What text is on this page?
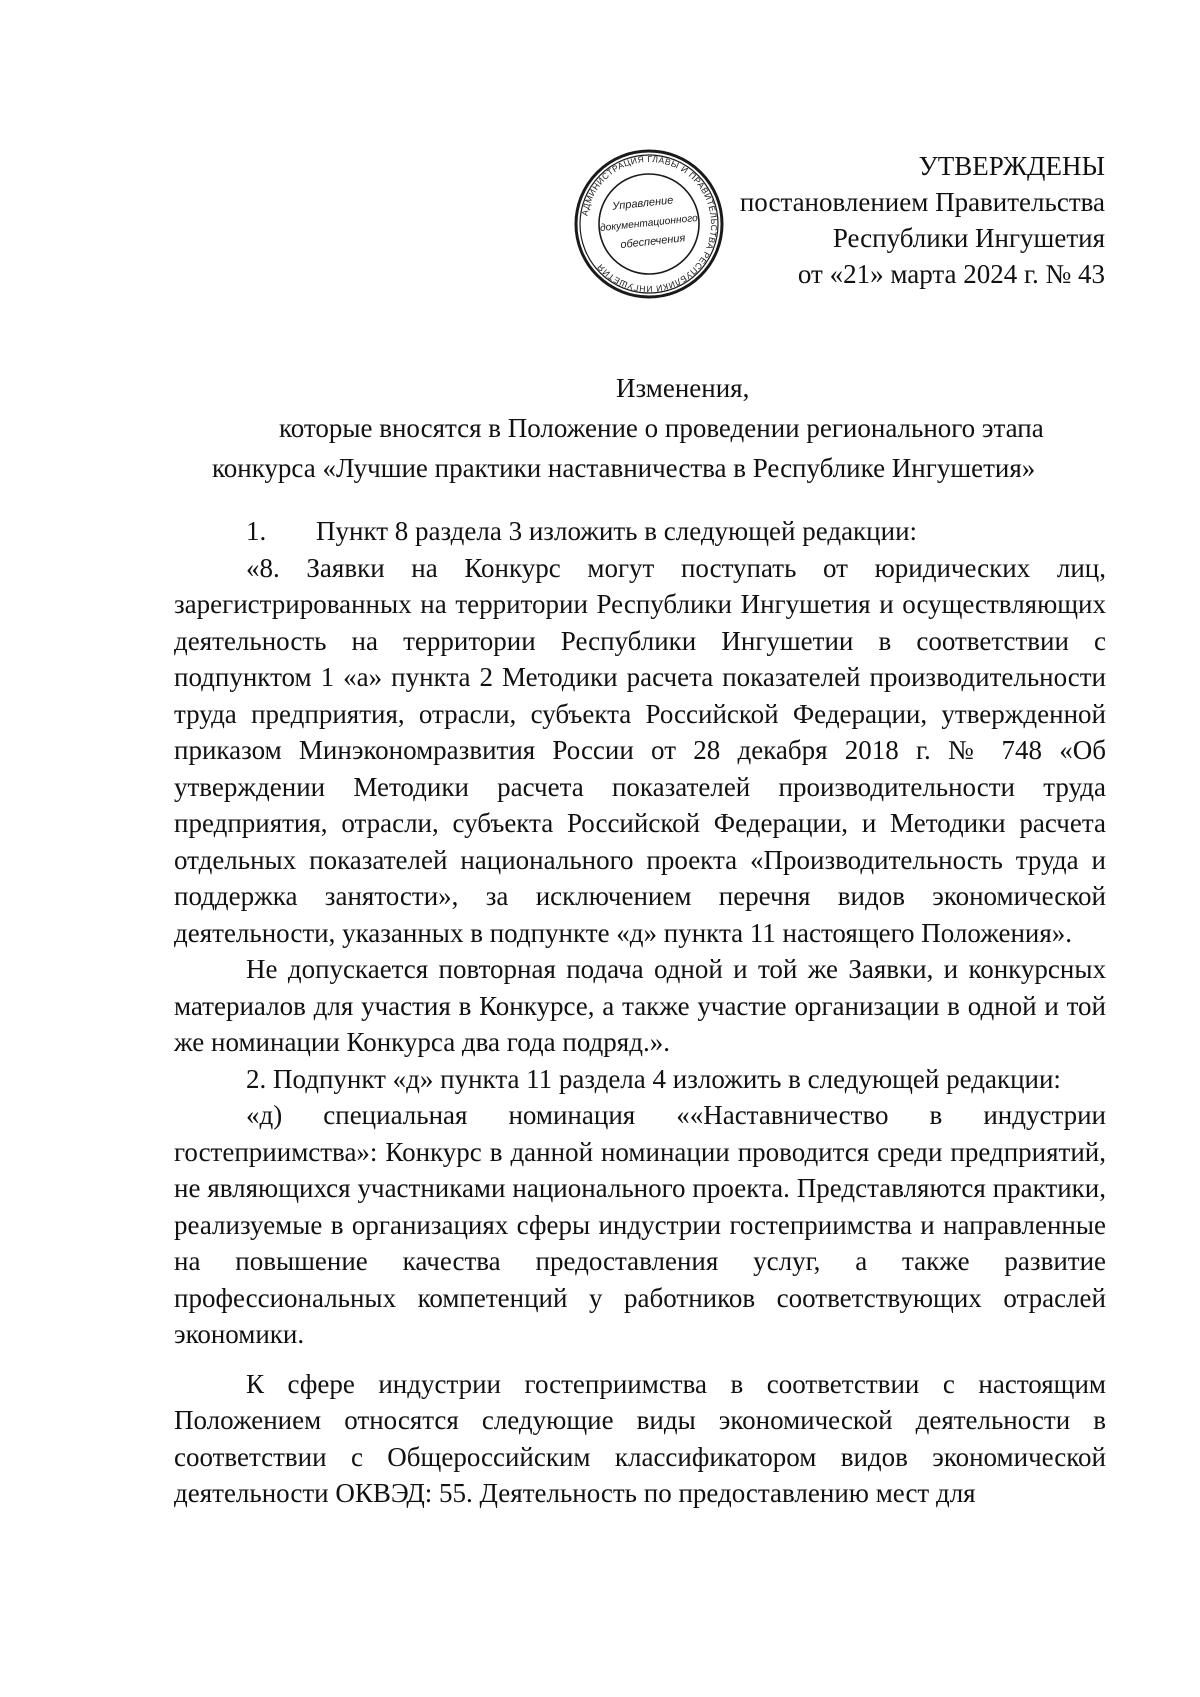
УТВЕРЖДЕНЫ
постановлением Правительства
Республики Ингушетия
от «21» марта 2024 г. № 43
АДМИНИСТРАЦИЯ ГЛАВЫ И ПРАВИТЕЛЬСТВА РЕСПУБЛИКИ ИНГУШЕТИЯ
Управление
документационного
обеспечения
Изменения,
которые вносятся в Положение о проведении регионального этапа
конкурса «Лучшие практики наставничества в Республике Ингушетия»

1. Пункт 8 раздела 3 изложить в следующей редакции:

«8. Заявки на Конкурс могут поступать от юридических лиц, зарегистрированных на территории Республики Ингушетия и осуществляющих деятельность на территории Республики Ингушетии в соответствии с подпунктом 1 «а» пункта 2 Методики расчета показателей производительности труда предприятия, отрасли, субъекта Российской Федерации, утвержденной приказом Минэкономразвития России от 28 декабря 2018 г. № 748 «Об утверждении Методики расчета показателей производительности труда предприятия, отрасли, субъекта Российской Федерации, и Методики расчета отдельных показателей национального проекта «Производительность труда и поддержка занятости», за исключением перечня видов экономической деятельности, указанных в подпункте «д» пункта 11 настоящего Положения».

Не допускается повторная подача одной и той же Заявки, и конкурсных материалов для участия в Конкурсе, а также участие организации в одной и той же номинации Конкурса два года подряд.».

2. Подпункт «д» пункта 11 раздела 4 изложить в следующей редакции:

«д) специальная номинация ««Наставничество в индустрии гостеприимства»: Конкурс в данной номинации проводится среди предприятий, не являющихся участниками национального проекта. Представляются практики, реализуемые в организациях сферы индустрии гостеприимства и направленные на повышение качества предоставления услуг, а также развитие профессиональных компетенций у работников соответствующих отраслей экономики.

К сфере индустрии гостеприимства в соответствии с настоящим Положением относятся следующие виды экономической деятельности в соответствии с Общероссийским классификатором видов экономической деятельности ОКВЭД: 55. Деятельность по предоставлению мест для
